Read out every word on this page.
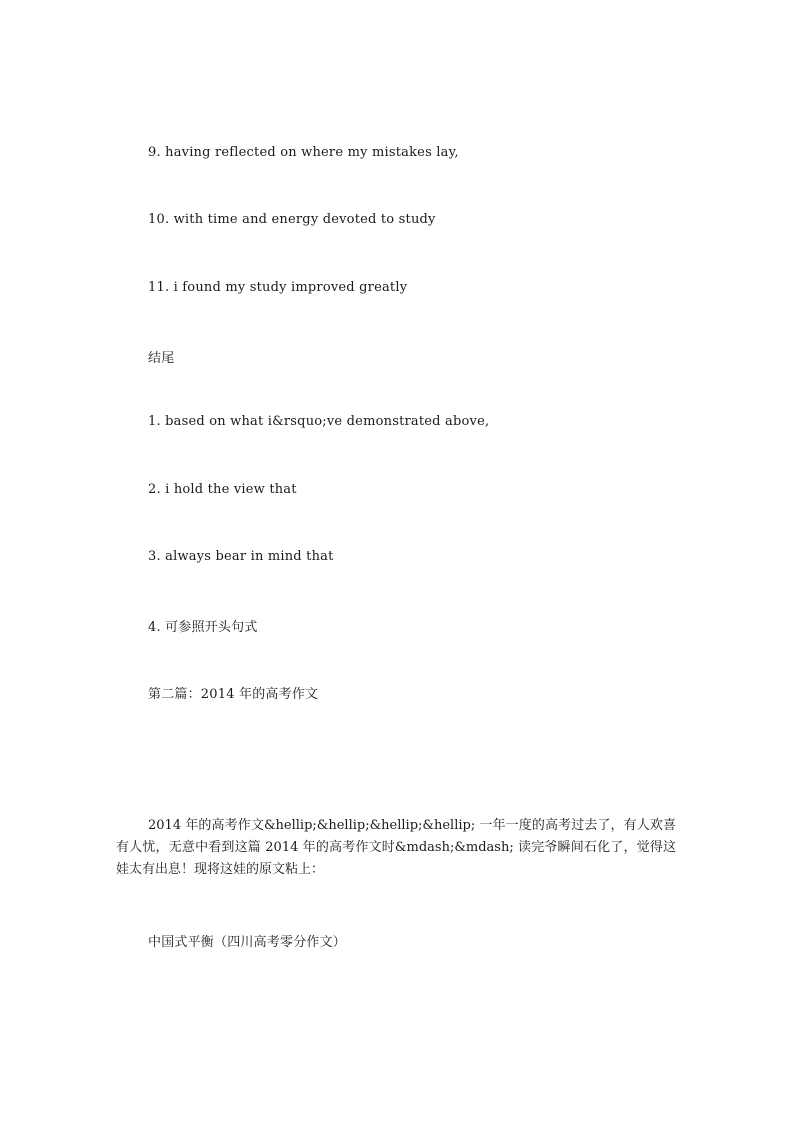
9. having reflected on where my mistakes lay,
10. with time and energy devoted to study
11. i found my study improved greatly
结尾
1. based on what i&rsquo;ve demonstrated above,
2. i hold the view that
3. always bear in mind that
4. 可参照开头句式
第二篇：2014 年的高考作文
2014 年的高考作文&hellip;&hellip;&hellip;&hellip; 一年一度的高考过去了，有人欢喜有人忧，无意中看到这篇 2014 年的高考作文时&mdash;&mdash; 读完爷瞬间石化了，觉得这娃太有出息！现将这娃的原文粘上：
中国式平衡（四川高考零分作文）
